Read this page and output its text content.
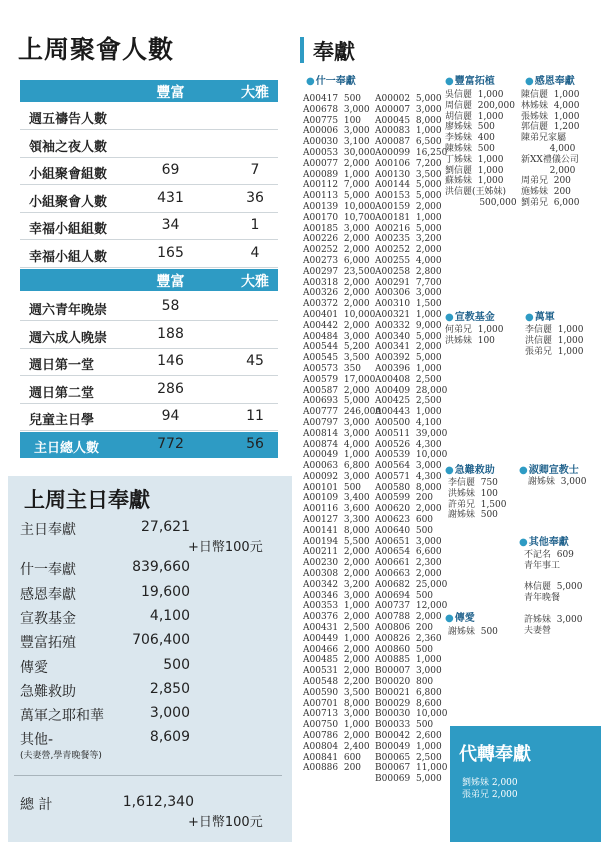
上周聚會人數
豐富	大雅
週五禱告人數
領袖之夜人數
小組聚會組數	69	7
小組聚會人數	431	36
幸福小組組數	34	1
幸福小組人數	165	4
豐富	大雅
週六青年晚崇	58
週六成人晚崇	188
週日第一堂	146	45
週日第二堂	286
兒童主日學	94	11
主日總人數	772	56
上周主日奉獻
主日奉獻	27,621
+日幣100元
什一奉獻	839,660
感恩奉獻	19,600
宣教基金	4,100
豐富拓殖	706,400
傳愛	500
急難救助	2,850
萬軍之耶和華	3,000
其他-	8,609
(夫妻營,學青晚餐等)
總 計	1,612,340
+日幣100元
奉獻
●什一奉獻
A00417  500
A00678  3,000
A00775  100
A00006  3,000
A00030  3,100
A00053  30,000
A00077  2,000
A00089  1,000
A00112  7,000
A00113  5,000
A00139  10,000
A00170  10,700
A00185  3,000
A00226  2,000
A00252  2,000
A00273  6,000
A00297  23,500
A00318  2,000
A00326  2,000
A00372  2,000
A00401  10,000
A00442  2,000
A00484  3,000
A00544  5,200
A00545  3,500
A00573  350
A00579  17,000
A00587  2,000
A00693  5,000
A00777  246,000
A00797  3,000
A00814  3,000
A00874  4,000
A00049  1,000
A00063  6,800
A00092  3,000
A00101  500
A00109  3,400
A00116  3,600
A00127  3,300
A00141  8,000
A00194  5,500
A00211  2,000
A00230  2,000
A00308  2,000
A00342  3,200
A00346  3,000
A00353  1,000
A00376  2,000
A00431  2,500
A00449  1,000
A00466  2,000
A00485  2,000
A00531  2,000
A00548  2,200
A00590  3,500
A00701  8,000
A00713  3,000
A00750  1,000
A00786  2,000
A00804  2,400
A00841  600
A00886  200
A00002  5,000
A00007  3,000
A00045  8,000
A00083  1,000
A00087  6,500
A00099  16,250
A00106  7,200
A00130  3,500
A00144  5,000
A00153  5,000
A00159  2,000
A00181  1,000
A00216  5,000
A00235  3,200
A00252  2,000
A00255  4,000
A00258  2,800
A00291  7,700
A00306  3,000
A00310  1,500
A00321  1,000
A00332  9,000
A00340  5,000
A00341  2,000
A00392  5,000
A00396  1,000
A00408  2,500
A00409  28,000
A00425  2,500
A00443  1,000
A00500  4,100
A00511  39,000
A00526  4,300
A00539  10,000
A00564  3,000
A00571  4,300
A00580  8,000
A00599  200
A00620  2,000
A00623  600
A00640  500
A00651  3,000
A00654  6,600
A00661  2,300
A00663  2,000
A00682  25,000
A00694  500
A00737  12,000
A00788  2,000
A00806  200
A00826  2,360
A00860  500
A00885  1,000
B00007  3,000
B00020  800
B00021  6,800
B00029  8,600
B00030  10,000
B00033  500
B00042  2,600
B00049  1,000
B00065  2,500
B00067  11,000
B00069  5,000
●豐富拓植
吳信麗  1,000
周信麗  200,000
胡信麗  1,000
廖姊妹  500
李姊妹  400
陳姊妹  500
丁姊妹  1,000
劉信麗  1,000
蘇姊妹  1,000
洪信麗(王姊妹)
500,000
●感恩奉獻
陳信麗  1,000
林姊妹  4,000
張姊妹  1,000
郭信麗  1,200
陳弟兄家屬
4,000
新XX禮儀公司
2,000
周弟兄  200
施姊妹  200
劉弟兄  6,000
●宣教基金
何弟兄  1,000
洪姊妹  100
●萬軍
李信麗  1,000
洪信麗  1,000
張弟兄  1,000
●急難救助
李信麗  750
洪姊妹  100
許弟兄  1,500
謝姊妹  500
●淑卿宣教士
謝姊妹  3,000
●其他奉獻
不記名  609
青年事工
林信麗  5,000
青年晚餐
許姊妹  3,000
夫妻營
●傳愛
謝姊妹  500
代轉奉獻
劉姊妹 2,000
張弟兄 2,000
